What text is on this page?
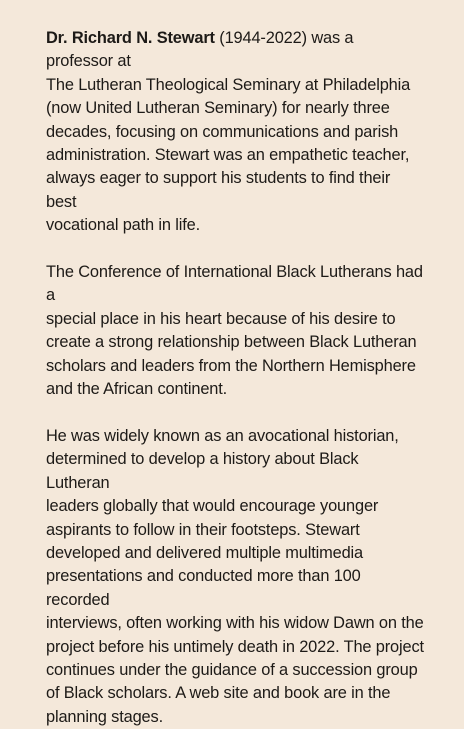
Dr. Richard N. Stewart (1944-2022) was a professor at
The Lutheran Theological Seminary at Philadelphia
(now United Lutheran Seminary) for nearly three
decades, focusing on communications and parish
administration. Stewart was an empathetic teacher,
always eager to support his students to find their best
vocational path in life.

The Conference of International Black Lutherans had a
special place in his heart because of his desire to
create a strong relationship between Black Lutheran
scholars and leaders from the Northern Hemisphere
and the African continent.

He was widely known as an avocational historian,
determined to develop a history about Black Lutheran
leaders globally that would encourage younger
aspirants to follow in their footsteps. Stewart
developed and delivered multiple multimedia
presentations and conducted more than 100 recorded
interviews, often working with his widow Dawn on the
project before his untimely death in 2022. The project
continues under the guidance of a succession group
of Black scholars. A web site and book are in the
planning stages.
